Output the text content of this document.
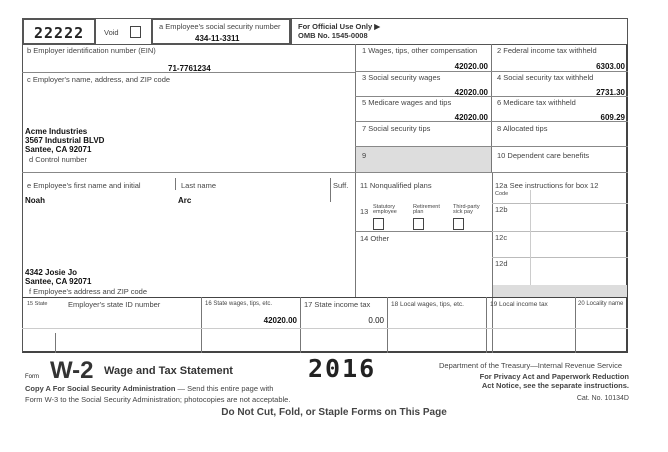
22222	Void
a Employee's social security number
434-11-3311
For Official Use Only ▶
OMB No. 1545-0008
b Employer identification number (EIN)
71-7761234
c Employer's name, address, and ZIP code
Acme Industries
3567 Industrial BLVD
Santee, CA 92071
d Control number
e Employee's first name and initial	Last name	Suff.
Noah	Arc
4342 Josie Jo
Santee, CA 92071
f Employee's address and ZIP code
1 Wages, tips, other compensation
42020.00
2 Federal income tax withheld
6303.00
3 Social security wages
42020.00
4 Social security tax withheld
2731.30
5 Medicare wages and tips
42020.00
6 Medicare tax withheld
609.29
7 Social security tips	8 Allocated tips
9	10 Dependent care benefits
11 Nonqualified plans
13 Statutory employee
Retirement plan
Third-party sick pay
14 Other
12a See instructions for box 12
12b
12c
12d
Code
15 State	Employer's state ID number	16 State wages, tips, etc.
42020.00
17 State income tax
0.00
18 Local wages, tips, etc.	19 Local income tax	20 Locality name
Form W-2 Wage and Tax Statement	2016	Department of the Treasury—Internal Revenue Service
For Privacy Act and Paperwork Reduction
Act Notice, see the separate instructions.
Copy A For Social Security Administration — Send this entire page with
Form W-3 to the Social Security Administration; photocopies are not acceptable.	Cat. No. 10134D
Do Not Cut, Fold, or Staple Forms on This Page
